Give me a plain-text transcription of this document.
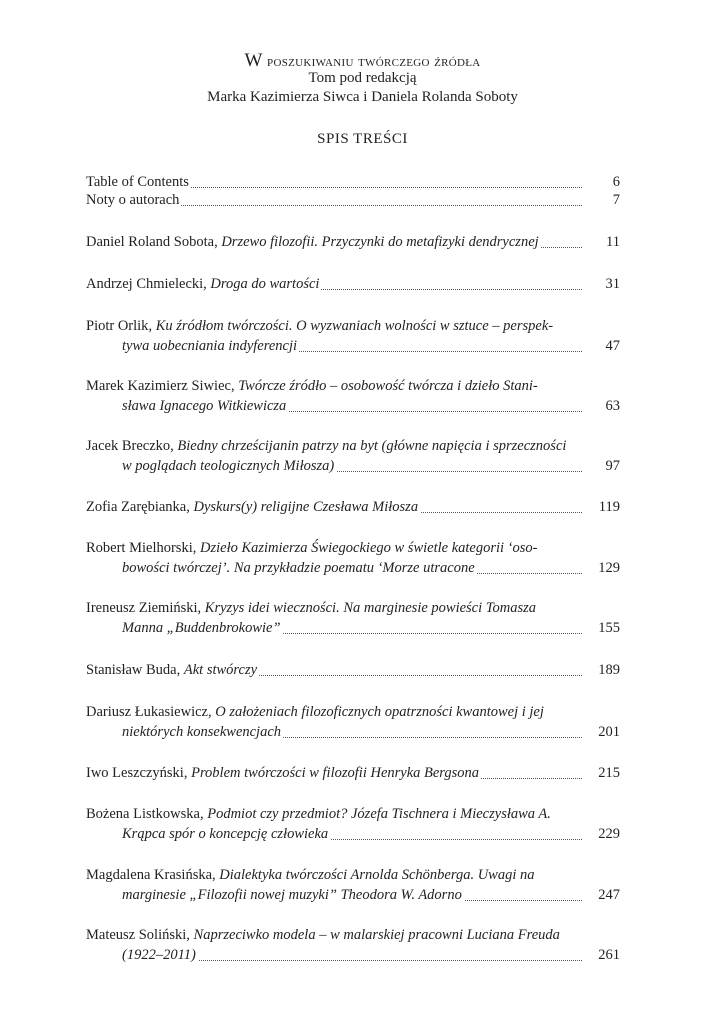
W poszukiwaniu twórczego źródła
Tom pod redakcją
Marka Kazimierza Siwca i Daniela Rolanda Soboty
SPIS TREŚCI
Table of Contents	6
Noty o autorach	7
Daniel Roland Sobota, Drzewo filozofii. Przyczynki do metafizyki dendrycznej	11
Andrzej Chmielecki, Droga do wartości	31
Piotr Orlik, Ku źródłom twórczości. O wyzwaniach wolności w sztuce – perspek-
tywa uobecniania indyferencji	47
Marek Kazimierz Siwiec, Twórcze źródło – osobowość twórcza i dzieło Stani-
sława Ignacego Witkiewicza	63
Jacek Breczko, Biedny chrześcijanin patrzy na byt (główne napięcia i sprzeczności
w poglądach teologicznych Miłosza)	97
Zofia Zarębianka, Dyskurs(y) religijne Czesława Miłosza	119
Robert Mielhorski, Dzieło Kazimierza Świegockiego w świetle kategorii ‘oso-
bowości twórczej’. Na przykładzie poematu ‘Morze utracone	129
Ireneusz Ziemiński, Kryzys idei wieczności. Na marginesie powieści Tomasza
Manna „Buddenbrokowie”	155
Stanisław Buda, Akt stwórczy	189
Dariusz Łukasiewicz, O założeniach filozoficznych opatrzności kwantowej i jej
niektórych konsekwencjach	201
Iwo Leszczyński, Problem twórczości w filozofii Henryka Bergsona	215
Bożena Listkowska, Podmiot czy przedmiot? Józefa Tischnera i Mieczysława A.
Krąpca spór o koncepcję człowieka	229
Magdalena Krasińska, Dialektyka twórczości Arnolda Schönberga. Uwagi na
marginesie „Filozofii nowej muzyki” Theodora W. Adorno	247
Mateusz Soliński, Naprzeciwko modela – w malarskiej pracowni Luciana Freuda
(1922–2011)	261
